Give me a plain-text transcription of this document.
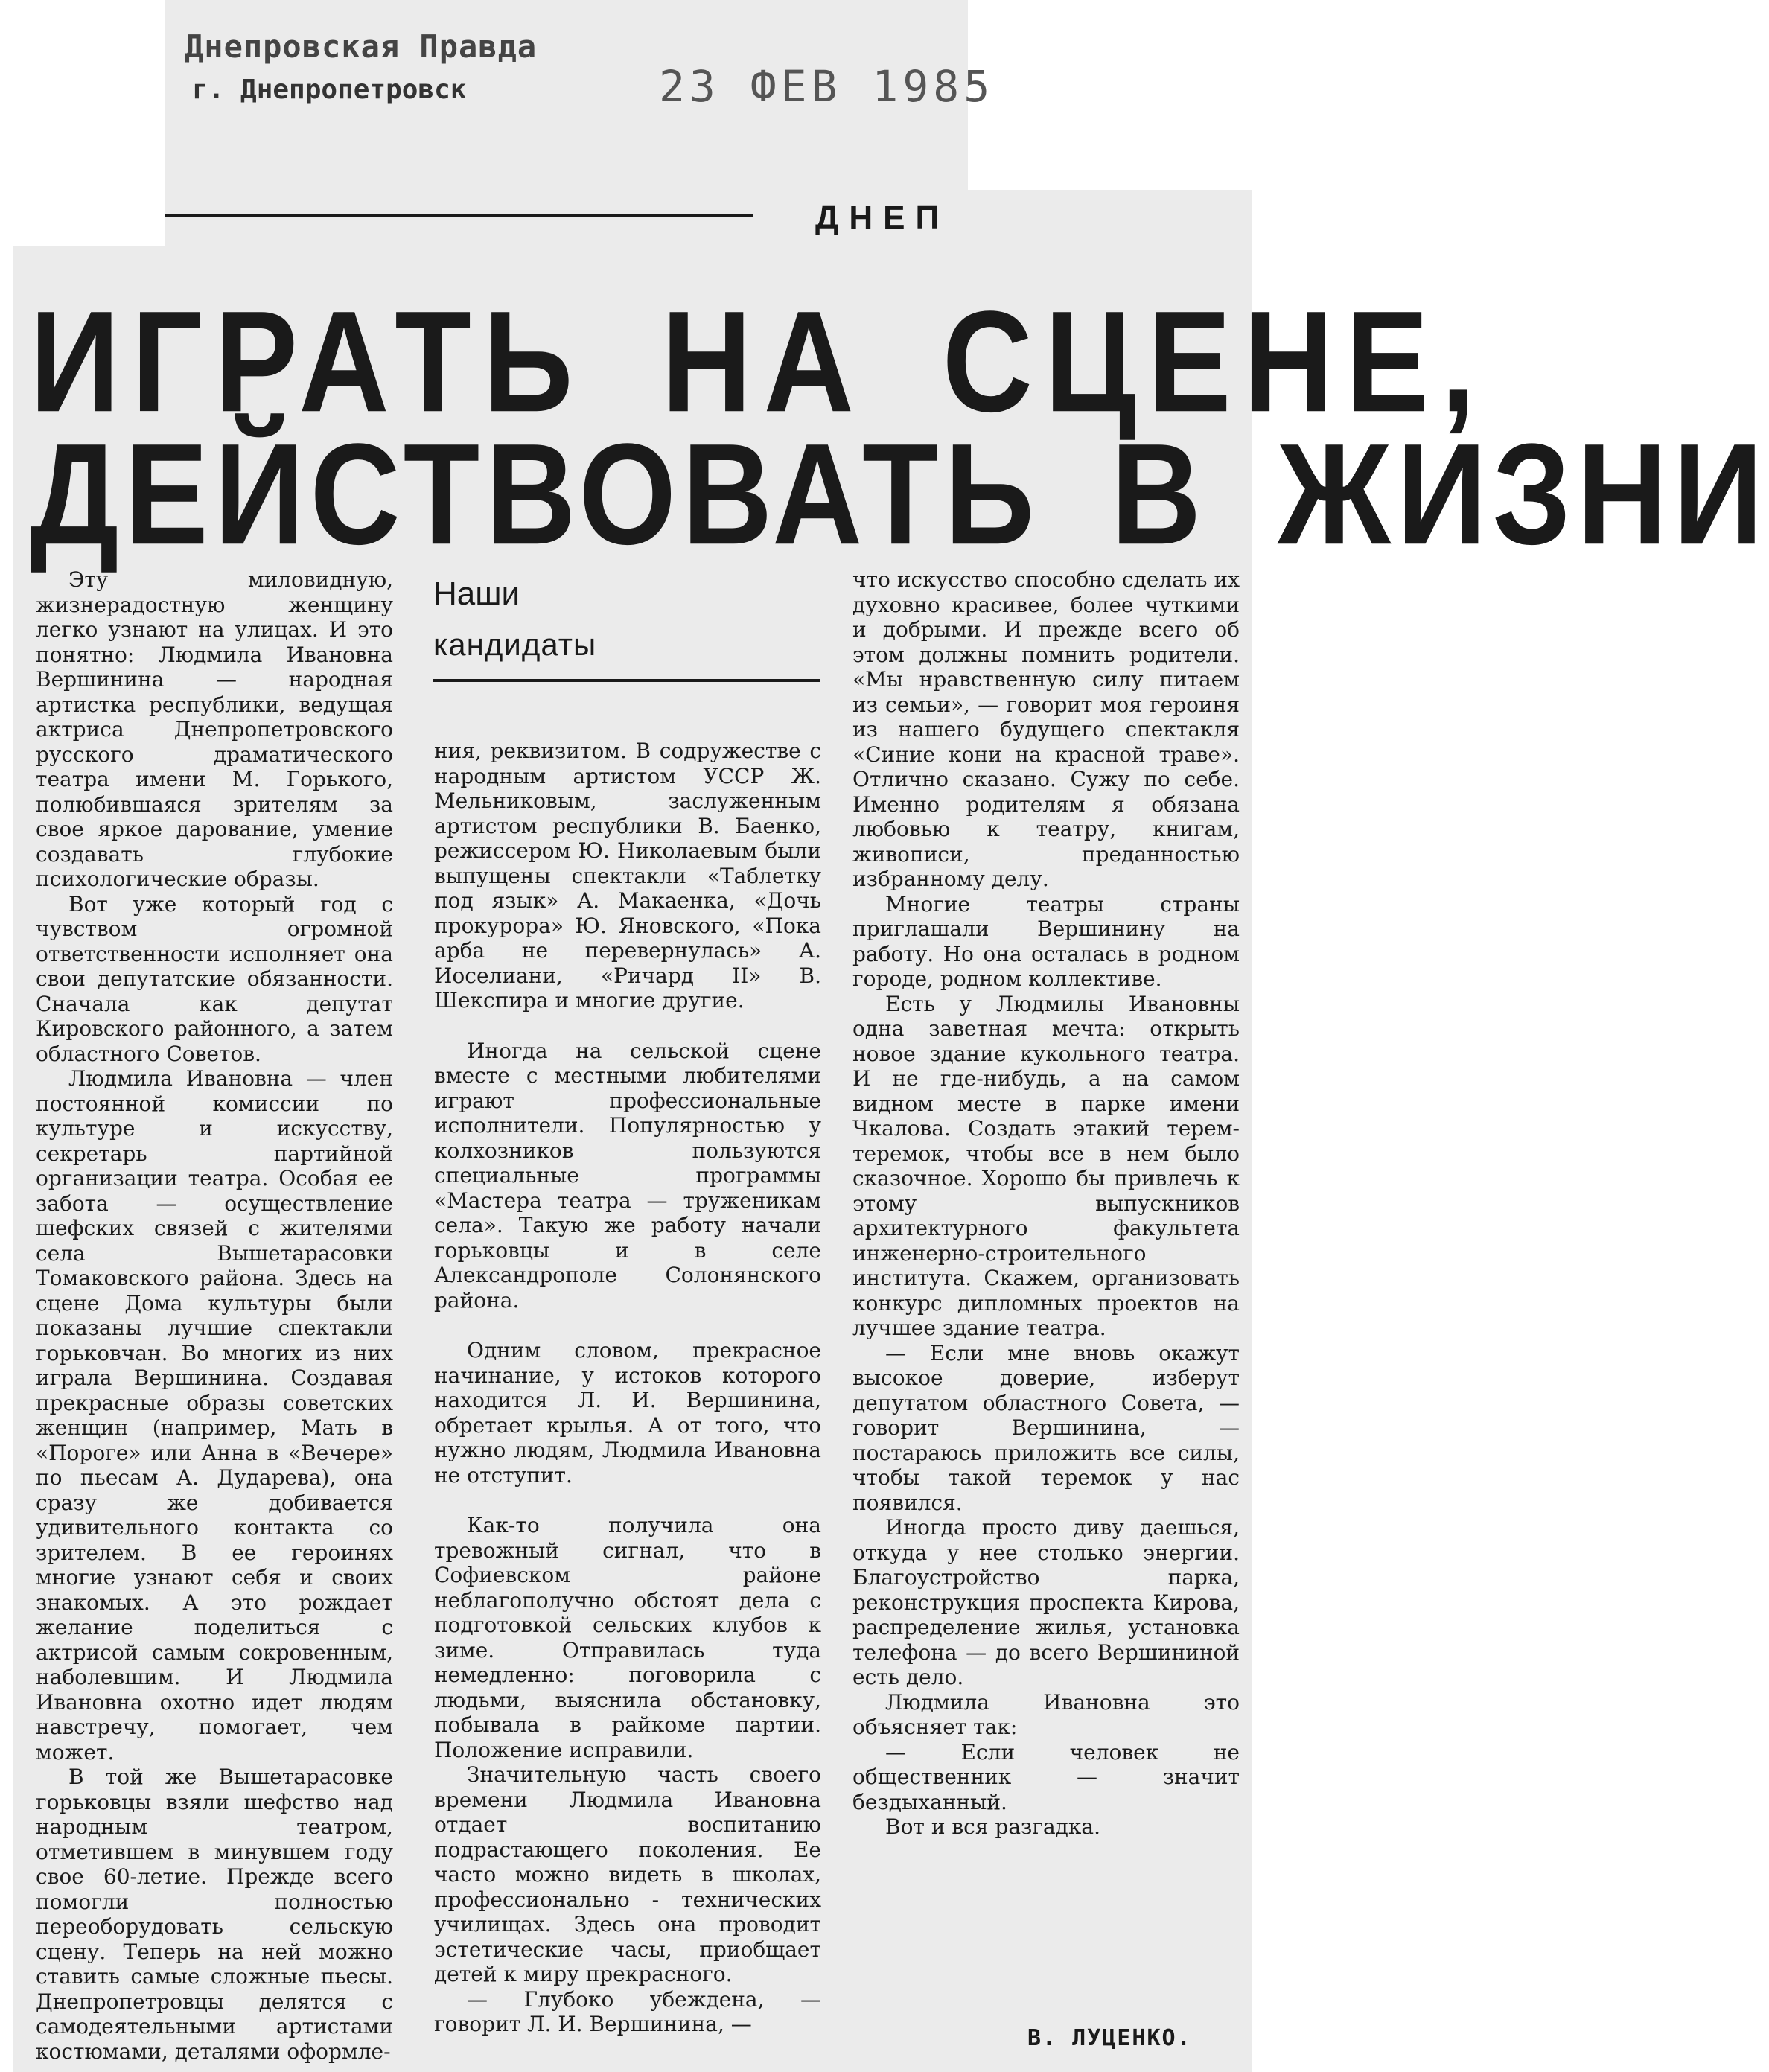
Днепровская Правда
г. Днепропетровск	23 ФЕВ 1985
ДНЕП
ИГРАТЬ НА СЦЕНЕ,
ДЕЙСТВОВАТЬ В ЖИЗНИ
Наши
кандидаты

Эту миловидную, жизнерадостную женщину легко узнают на улицах. И это понятно: Людмила Ивановна Вершинина — народная артистка республики, ведущая актриса Днепропетровского русского драматического театра имени М. Горького, полюбившаяся зрителям за свое яркое дарование, умение создавать глубокие психологические образы.

Вот уже который год с чувством огромной ответственности исполняет она свои депутатские обязанности. Сначала как депутат Кировского районного, а затем областного Советов.

Людмила Ивановна — член постоянной комиссии по культуре и искусству, секретарь партийной организации театра. Особая ее забота — осуществление шефских связей с жителями села Вышетарасовки Томаковского района. Здесь на сцене Дома культуры были показаны лучшие спектакли горьковчан. Во многих из них играла Вершинина. Создавая прекрасные образы советских женщин (например, Мать в «Пороге» или Анна в «Вечере» по пьесам А. Дударева), она сразу же добивается удивительного контакта со зрителем. В ее героинях многие узнают себя и своих знакомых. А это рождает желание поделиться с актрисой самым сокровенным, наболевшим. И Людмила Ивановна охотно идет людям навстречу, помогает, чем может.

В той же Вышетарасовке горьковцы взяли шефство над народным театром, отметившем в минувшем году свое 60-летие. Прежде всего помогли полностью переоборудовать сельскую сцену. Теперь на ней можно ставить самые сложные пьесы. Днепропетровцы делятся с самодеятельными артистами костюмами, деталями оформле-

ния, реквизитом. В содружестве с народным артистом УССР Ж. Мельниковым, заслуженным артистом республики В. Баенко, режиссером Ю. Николаевым были выпущены спектакли «Таблетку под язык» А. Макаенка, «Дочь прокурора» Ю. Яновского, «Пока арба не перевернулась» А. Иоселиани, «Ричард II» В. Шекспира и многие другие.

Иногда на сельской сцене вместе с местными любителями играют профессиональные исполнители. Популярностью у колхозников пользуются специальные программы «Мастера театра — труженикам села». Такую же работу начали горьковцы и в селе Александрополе Солонянского района.

Одним словом, прекрасное начинание, у истоков которого находится Л. И. Вершинина, обретает крылья. А от того, что нужно людям, Людмила Ивановна не отступит.

Как-то получила она тревожный сигнал, что в Софиевском районе неблагополучно обстоят дела с подготовкой сельских клубов к зиме. Отправилась туда немедленно: поговорила с людьми, выяснила обстановку, побывала в райкоме партии. Положение исправили.

Значительную часть своего времени Людмила Ивановна отдает воспитанию подрастающего поколения. Ее часто можно видеть в школах, профессионально - технических училищах. Здесь она проводит эстетические часы, приобщает детей к миру прекрасного.

— Глубоко убеждена, — говорит Л. И. Вершинина, —

что искусство способно сделать их духовно красивее, более чуткими и добрыми. И прежде всего об этом должны помнить родители. «Мы нравственную силу питаем из семьи», — говорит моя героиня из нашего будущего спектакля «Синие кони на красной траве». Отлично сказано. Сужу по себе. Именно родителям я обязана любовью к театру, книгам, живописи, преданностью избранному делу.

Многие театры страны приглашали Вершинину на работу. Но она осталась в родном городе, родном коллективе.

Есть у Людмилы Ивановны одна заветная мечта: открыть новое здание кукольного театра. И не где-нибудь, а на самом видном месте в парке имени Чкалова. Создать этакий терем-теремок, чтобы все в нем было сказочное. Хорошо бы привлечь к этому выпускников архитектурного факультета инженерно-строительного института. Скажем, организовать конкурс дипломных проектов на лучшее здание театра.

— Если мне вновь окажут высокое доверие, изберут депутатом областного Совета, — говорит Вершинина, — постараюсь приложить все силы, чтобы такой теремок у нас появился.

Иногда просто диву даешься, откуда у нее столько энергии. Благоустройство парка, реконструкция проспекта Кирова, распределение жилья, установка телефона — до всего Вершининой есть дело.

Людмила Ивановна это объясняет так:

— Если человек не общественник — значит бездыханный.

Вот и вся разгадка.

В. ЛУЦЕНКО.
